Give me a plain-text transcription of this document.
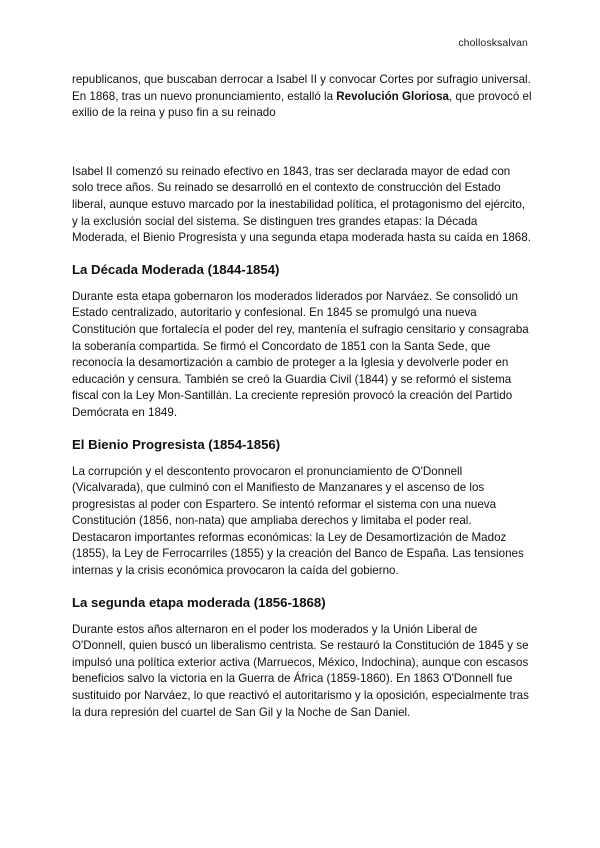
chollosksalvan

republicanos, que buscaban derrocar a Isabel II y convocar Cortes por sufragio universal. En 1868, tras un nuevo pronunciamiento, estalló la Revolución Gloriosa, que provocó el exilio de la reina y puso fin a su reinado

Isabel II comenzó su reinado efectivo en 1843, tras ser declarada mayor de edad con solo trece años. Su reinado se desarrolló en el contexto de construcción del Estado liberal, aunque estuvo marcado por la inestabilidad política, el protagonismo del ejército, y la exclusión social del sistema. Se distinguen tres grandes etapas: la Década Moderada, el Bienio Progresista y una segunda etapa moderada hasta su caída en 1868.

La Década Moderada (1844-1854)

Durante esta etapa gobernaron los moderados liderados por Narváez. Se consolidó un Estado centralizado, autoritario y confesional. En 1845 se promulgó una nueva Constitución que fortalecía el poder del rey, mantenía el sufragio censitario y consagraba la soberanía compartida. Se firmó el Concordato de 1851 con la Santa Sede, que reconocía la desamortización a cambio de proteger a la Iglesia y devolverle poder en educación y censura. También se creó la Guardia Civil (1844) y se reformó el sistema fiscal con la Ley Mon-Santillán. La creciente represión provocó la creación del Partido Demócrata en 1849.

El Bienio Progresista (1854-1856)

La corrupción y el descontento provocaron el pronunciamiento de O'Donnell (Vicalvarada), que culminó con el Manifiesto de Manzanares y el ascenso de los progresistas al poder con Espartero. Se intentó reformar el sistema con una nueva Constitución (1856, non-nata) que ampliaba derechos y limitaba el poder real. Destacaron importantes reformas económicas: la Ley de Desamortización de Madoz (1855), la Ley de Ferrocarriles (1855) y la creación del Banco de España. Las tensiones internas y la crisis económica provocaron la caída del gobierno.

La segunda etapa moderada (1856-1868)

Durante estos años alternaron en el poder los moderados y la Unión Liberal de O'Donnell, quien buscó un liberalismo centrista. Se restauró la Constitución de 1845 y se impulsó una política exterior activa (Marruecos, México, Indochina), aunque con escasos beneficios salvo la victoria en la Guerra de África (1859-1860). En 1863 O'Donnell fue sustituido por Narváez, lo que reactivó el autoritarismo y la oposición, especialmente tras la dura represión del cuartel de San Gil y la Noche de San Daniel.
